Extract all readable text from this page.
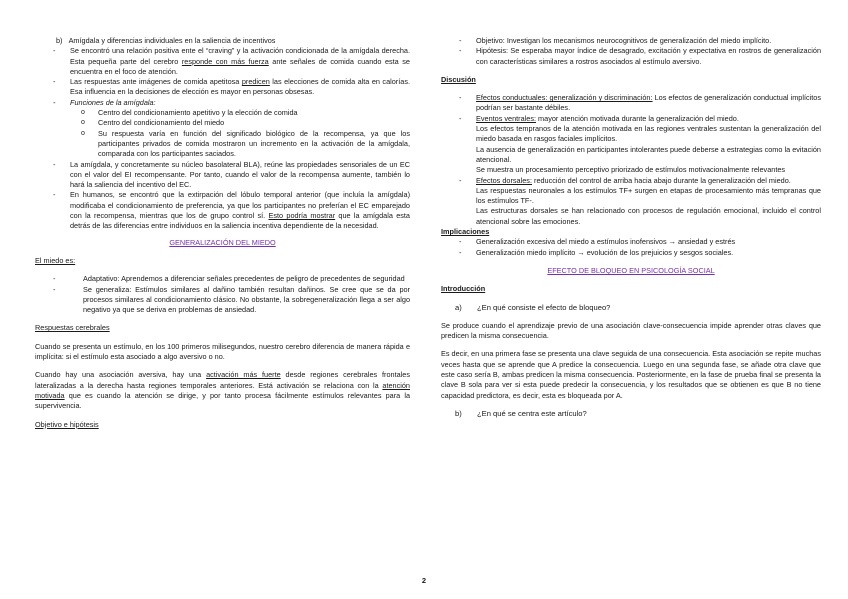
b)   Amígdala y diferencias individuales en la saliencia de incentivos

- Se encontró una relación positiva ente el “craving” y la activación condicionada de la amígdala derecha. Esta pequeña parte del cerebro responde con más fuerza ante señales de comida cuando esta se encuentra en el foco de atención.
- Las respuestas ante imágenes de comida apetitosa predicen las elecciones de comida alta en calorías. Esa influencia en la decisiones de elección es mayor en personas obsesas.
- Funciones de la amígdala:
o Centro del condicionamiento apetitivo y la elección de comida
o Centro del condicionamiento del miedo
o Su respuesta varía en función del significado biológico de la recompensa, ya que los participantes privados de comida mostraron un incremento en la activación de la amígdala, comparada con los participantes saciados.
- La amígdala, y concretamente su núcleo basolateral BLA), reúne las propiedades sensoriales de un EC con el valor del EI recompensante. Por tanto, cuando el valor de la recompensa aumente, también lo hará la saliencia del incentivo del EC.
- En humanos, se encontró que la extirpación del lóbulo temporal anterior (que incluía la amígdala) modificaba el condicionamiento de preferencia, ya que los participantes no preferían el EC emparejado con la recompensa, mientras que los de grupo control sí. Esto podría mostrar que la amígdala esta detrás de las diferencias entre individuos en la saliencia incentiva dependiente de la necesidad.

GENERALIZACIÓN DEL MIEDO

El miedo es:

- Adaptativo: Aprendemos a diferenciar señales precedentes de peligro de precedentes de seguridad
- Se generaliza: Estímulos similares al dañino también resultan dañinos. Se cree que se da por procesos similares al condicionamiento clásico. No obstante, la sobregeneralización llega a ser algo negativo ya que se deriva en problemas de ansiedad.

Respuestas cerebrales

Cuando se presenta un estímulo, en los 100 primeros milisegundos, nuestro cerebro diferencia de manera rápida e implícita: si el estímulo esta asociado a algo aversivo o no.

Cuando hay una asociación aversiva, hay una activación más fuerte desde regiones cerebrales frontales lateralizadas a la derecha hasta regiones temporales anteriores. Está activación se relaciona con la atención motivada que es cuando la atención se dirige, y por tanto procesa fácilmente estímulos relevantes para la supervivencia.

Objetivo e hipótesis

- Objetivo: Investigan los mecanismos neurocognitivos de generalización del miedo implícito.
- Hipótesis: Se esperaba mayor índice de desagrado, excitación y expectativa en rostros de generalización con características similares a rostros asociados al estímulo aversivo.

Discusión

- Efectos conductuales: generalización y discriminación: Los efectos de generalización conductual implícitos podrían ser bastante débiles.
- Eventos ventrales: mayor atención motivada durante la generalización del miedo.
Los efectos tempranos de la atención motivada en las regiones ventrales sustentan la generalización del miedo basada en rasgos faciales implícitos.
La ausencia de generalización en participantes intolerantes puede deberse a estrategias como la evitación atencional.
Se muestra un procesamiento perceptivo priorizado de estímulos motivacionalmente relevantes
- Efectos dorsales: reducción del control de arriba hacia abajo durante la generalización del miedo.
Las respuestas neuronales a los estímulos TF+ surgen en etapas de procesamiento más tempranas que los estímulos TF-.
Las estructuras dorsales se han relacionado con procesos de regulación emocional, incluido el control atencional sobre las emociones.

Implicaciones

- Generalización excesiva del miedo a estímulos inofensivos → ansiedad y estrés
- Generalización miedo implícito → evolución de los prejuicios y sesgos sociales.

EFECTO DE BLOQUEO EN PSICOLOGÍA SOCIAL

Introducción

a) ¿En qué consiste el efecto de bloqueo?

Se produce cuando el aprendizaje previo de una asociación clave-consecuencia impide aprender otras claves que predicen la misma consecuencia.

Es decir, en una primera fase se presenta una clave seguida de una consecuencia. Esta asociación se repite muchas veces hasta que se aprende que A predice la consecuencia. Luego en una segunda fase, se añade otra clave que este caso sería B, ambas predicen la misma consecuencia. Posteriormente, en la fase de prueba final se presenta la clave B sola para ver si esta puede predecir la consecuencia, y los resultados que se obtienen es que B no tiene capacidad predictora, es decir, esta es bloqueada por A.

b) ¿En qué se centra este artículo?
2
